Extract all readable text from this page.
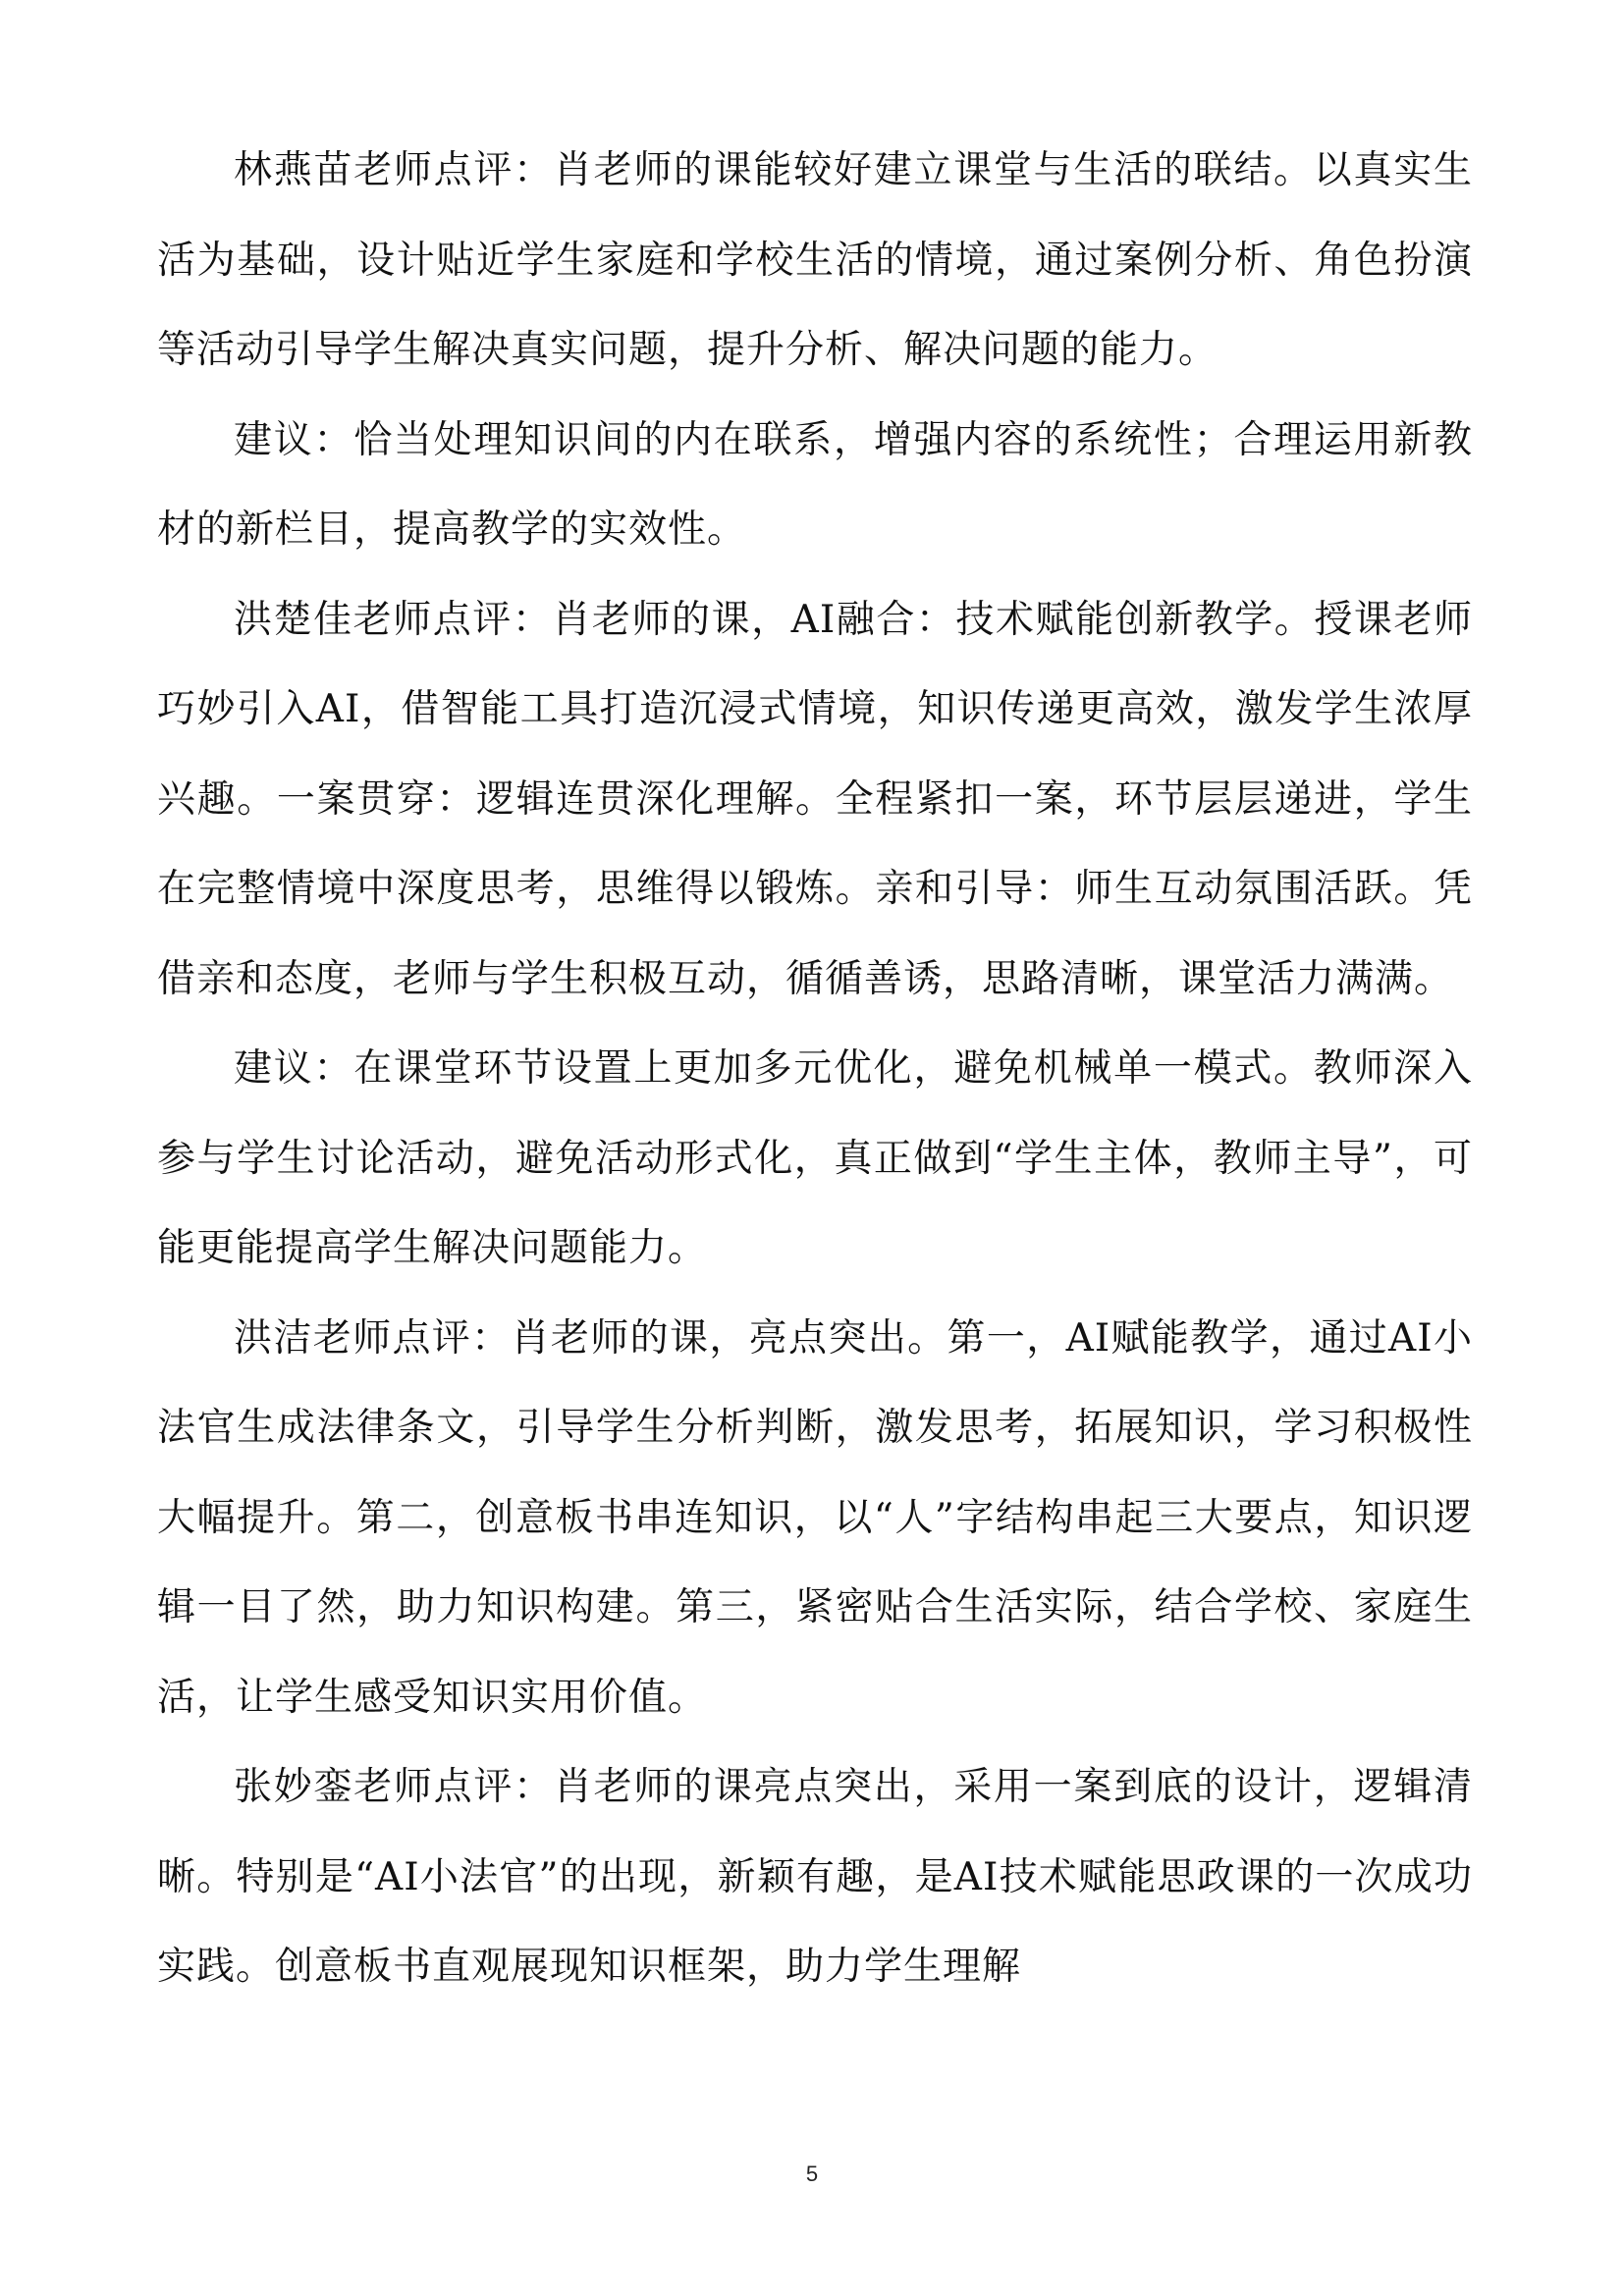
林燕苗老师点评：肖老师的课能较好建立课堂与生活的联结。以真实生活为基础，设计贴近学生家庭和学校生活的情境，通过案例分析、角色扮演等活动引导学生解决真实问题，提升分析、解决问题的能力。

建议：恰当处理知识间的内在联系，增强内容的系统性；合理运用新教材的新栏目，提高教学的实效性。

洪楚佳老师点评：肖老师的课，AI融合：技术赋能创新教学。授课老师巧妙引入AI，借智能工具打造沉浸式情境，知识传递更高效，激发学生浓厚兴趣。一案贯穿：逻辑连贯深化理解。全程紧扣一案，环节层层递进，学生在完整情境中深度思考，思维得以锻炼。亲和引导：师生互动氛围活跃。凭借亲和态度，老师与学生积极互动，循循善诱，思路清晰，课堂活力满满。

建议：在课堂环节设置上更加多元优化，避免机械单一模式。教师深入参与学生讨论活动，避免活动形式化，真正做到“学生主体，教师主导”，可能更能提高学生解决问题能力。

洪洁老师点评：肖老师的课，亮点突出。第一，AI赋能教学，通过AI小法官生成法律条文，引导学生分析判断，激发思考，拓展知识，学习积极性大幅提升。第二，创意板书串连知识，以“人”字结构串起三大要点，知识逻辑一目了然，助力知识构建。第三，紧密贴合生活实际，结合学校、家庭生活，让学生感受知识实用价值。

张妙銮老师点评：肖老师的课亮点突出，采用一案到底的设计，逻辑清晰。特别是“AI小法官”的出现，新颖有趣，是AI技术赋能思政课的一次成功实践。创意板书直观展现知识框架，助力学生理解

5
